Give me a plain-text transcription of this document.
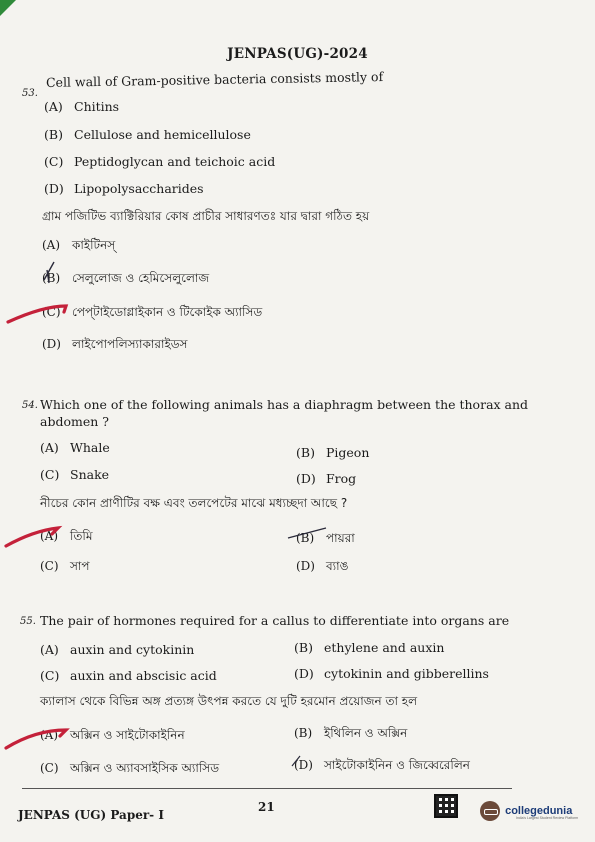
JENPAS(UG)-2024
53.
Cell wall of Gram-positive bacteria consists mostly of
(A) Chitins
(B) Cellulose and hemicellulose
(C) Peptidoglycan and teichoic acid
(D) Lipopolysaccharides
গ্রাম পজিটিভ ব্যাক্টিরিয়ার কোষ প্রাচীর সাধারণতঃ যার দ্বারা গঠিত হয়
(A) কাইটিনস্
(B) সেলুলোজ ও হেমিসেলুলোজ
(C) পেপ্‌টাইডোগ্লাইকান ও টিকোইক অ্যাসিড
(D) লাইপোপলিস্যাকারাইডস
54. Which one of the following animals has a diaphragm between the thorax and abdomen ?
(A) Whale	(B) Pigeon
(C) Snake	(D) Frog
নীচের কোন প্রাণীটির বক্ষ এবং তলপেটের মাঝে মধ্যচ্ছদা আছে ?
(A) তিমি	(B) পায়রা
(C) সাপ	(D) ব্যাঙ
55. The pair of hormones required for a callus to differentiate into organs are
(A) auxin and cytokinin	(B) ethylene and auxin
(C) auxin and abscisic acid	(D) cytokinin and gibberellins
ক্যালাস থেকে বিভিন্ন অঙ্গ প্রত্যঙ্গ উৎপন্ন করতে যে দুটি হরমোন প্রয়োজন তা হল
(A) অক্সিন ও সাইটোকাইনিন	(B) ইথিলিন ও অক্সিন
(C) অক্সিন ও অ্যাবসাইসিক অ্যাসিড	(D) সাইটোকাইনিন ও জিব্বেরেলিন
JENPAS (UG) Paper- I
21	collegedunia
India's Largest Student Review Platform
